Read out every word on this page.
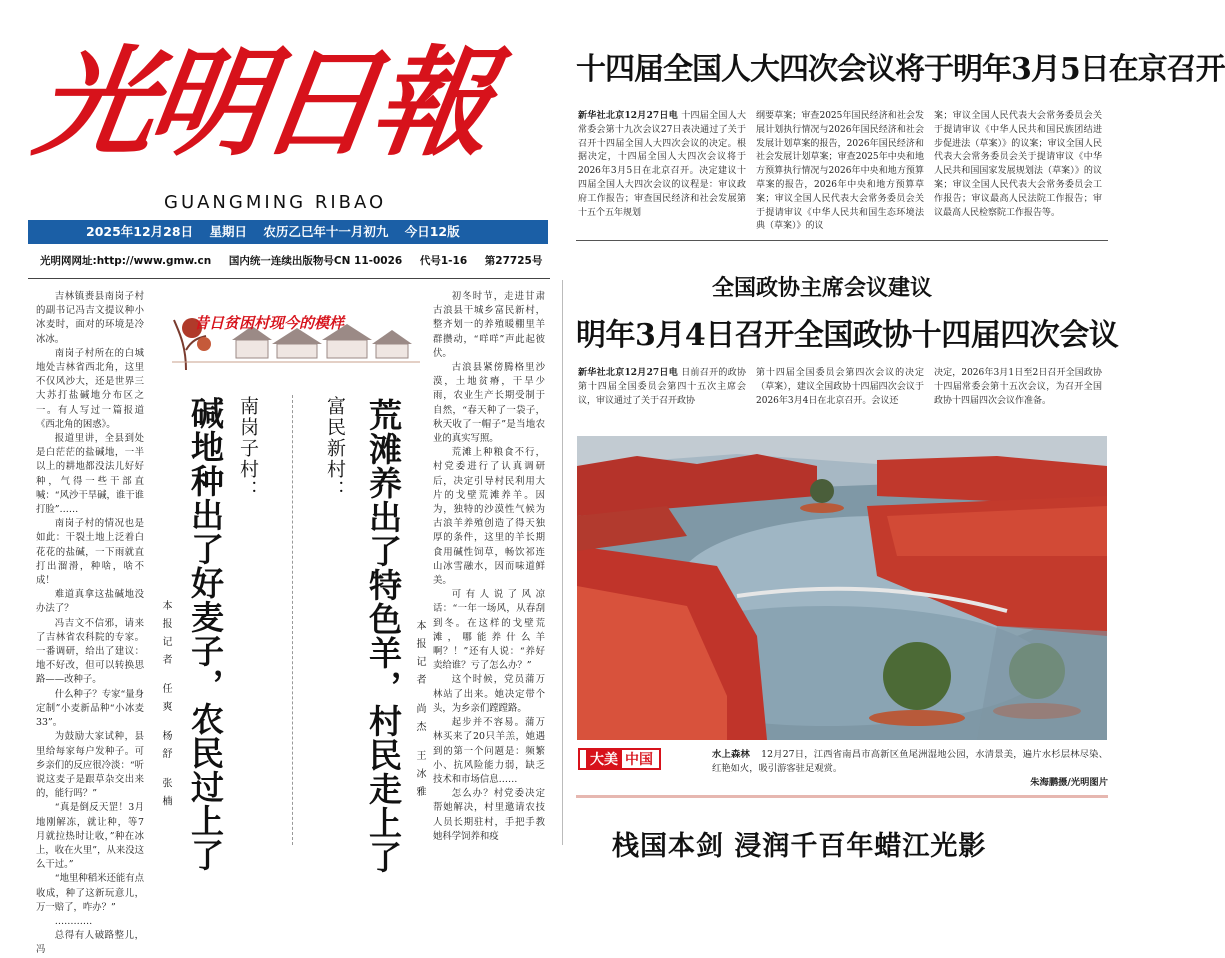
光明日報
GUANGMING RIBAO
2025年12月28日 星期日 农历乙巳年十一月初九 今日12版
光明网网址:http://www.gmw.cn 国内统一连续出版物号CN 11-0026 代号1-16 第27725号
十四届全国人大四次会议将于明年3月5日在京召开
新华社北京12月27日电 十四届全国人大常委会第十九次会议27日表决通过了关于召开十四届全国人大四次会议的决定。根据决定，十四届全国人大四次会议将于2026年3月5日在北京召开。决定建议十四届全国人大四次会议的议程是：审议政府工作报告；审查国民经济和社会发展第十五个五年规划
纲要草案；审查2025年国民经济和社会发展计划执行情况与2026年国民经济和社会发展计划草案的报告，2026年国民经济和社会发展计划草案；审查2025年中央和地方预算执行情况与2026年中央和地方预算草案的报告，2026年中央和地方预算草案；审议全国人民代表大会常务委员会关于提请审议《中华人民共和国生态环境法典（草案）》的议
案；审议全国人民代表大会常务委员会关于提请审议《中华人民共和国民族团结进步促进法（草案）》的议案；审议全国人民代表大会常务委员会关于提请审议《中华人民共和国国家发展规划法（草案）》的议案；审议全国人民代表大会常务委员会工作报告；审议最高人民法院工作报告；审议最高人民检察院工作报告等。
全国政协主席会议建议
明年3月4日召开全国政协十四届四次会议
新华社北京12月27日电 日前召开的政协第十四届全国委员会第四十五次主席会议，审议通过了关于召开政协
第十四届全国委员会第四次会议的决定（草案），建议全国政协十四届四次会议于2026年3月4日在北京召开。会议还
决定，2026年3月1日至2日召开全国政协十四届常委会第十五次会议，为召开全国政协十四届四次会议作准备。
大美 中国	水上森林 12月27日，江西省南昌市高新区鱼尾洲湿地公园，水清景美，遍片水杉层林尽染、红艳如火，吸引游客驻足观赏。
朱海鹏摄/光明图片
栈国本剑 浸润千百年蜡江光影

吉林镇赉县南岗子村的副书记冯吉文提议种小冰麦时，面对的环境是冷冰冰。

南岗子村所在的白城地处吉林省西北角，这里不仅风沙大，还是世界三大苏打盐碱地分布区之一。有人写过一篇报道《西北角的困惑》。

报道里讲，全县到处是白茫茫的盐碱地，一半以上的耕地都没法儿好好种，气得一些干部直喊：“风沙干旱碱，谁干谁打脸”……

南岗子村的情况也是如此：干裂土地上泛着白花花的盐碱，一下雨就直打出溜滑，种啥，啥不成！

难道真拿这盐碱地没办法了？

冯吉文不信邪，请来了吉林省农科院的专家。一番调研，给出了建议：地不好改，但可以转换思路——改种子。

什么种子？专家“量身定制”小麦新品种“小冰麦33”。

为鼓励大家试种，县里给每家每户发种子。可乡亲们的反应很冷淡：“听说这麦子是跟草杂交出来的，能行吗？”

“真是倒反天罡！3月地刚解冻，就让种，等7月就拉热时让收，”种在冰上，收在火里”，从来没这么干过。”

“地里种稻米还能有点收成，种了这新玩意儿，万一赔了，咋办？”

…………

总得有人破路整儿，冯

初冬时节，走进甘肃古浪县干城乡富民新村，整齐划一的养殖暖棚里羊群攒动，“咩咩”声此起彼伏。

古浪县紧傍腾格里沙漠，土地贫瘠，干旱少雨，农业生产长期受制于自然，“春天种了一袋子，秋天收了一帽子”是当地农业的真实写照。

荒滩上种粮食不行，村党委进行了认真调研后，决定引导村民利用大片的戈壁荒滩养羊。因为，独特的沙漠性气候为古浪羊养殖创造了得天独厚的条件，这里的羊长期食用碱性饲草，畅饮祁连山冰雪融水，因而味道鲜美。

可有人说了风凉话：“一年一场风，从春刮到冬。在这样的戈壁荒滩，哪能养什么羊啊？！”还有人说：“养好卖给谁？亏了怎么办？”

这个时候，党员蒲万林站了出来。她决定带个头，为乡亲们蹚蹚路。

起步并不容易。蒲万林买来了20只羊羔，她遇到的第一个问题是：频繁小、抗风险能力弱，缺乏技术和市场信息……

怎么办？村党委决定帮她解决，村里邀请农技人员长期驻村，手把手教她科学饲养和疫

昔日贫困村现今的模样
碱地种出了好麦子，农民过上了 南岗子村：
本报记者 任爽 杨舒 张楠
富民新村： 荒滩养出了特色羊，村民走上了	本报记者 尚杰 王冰雅
